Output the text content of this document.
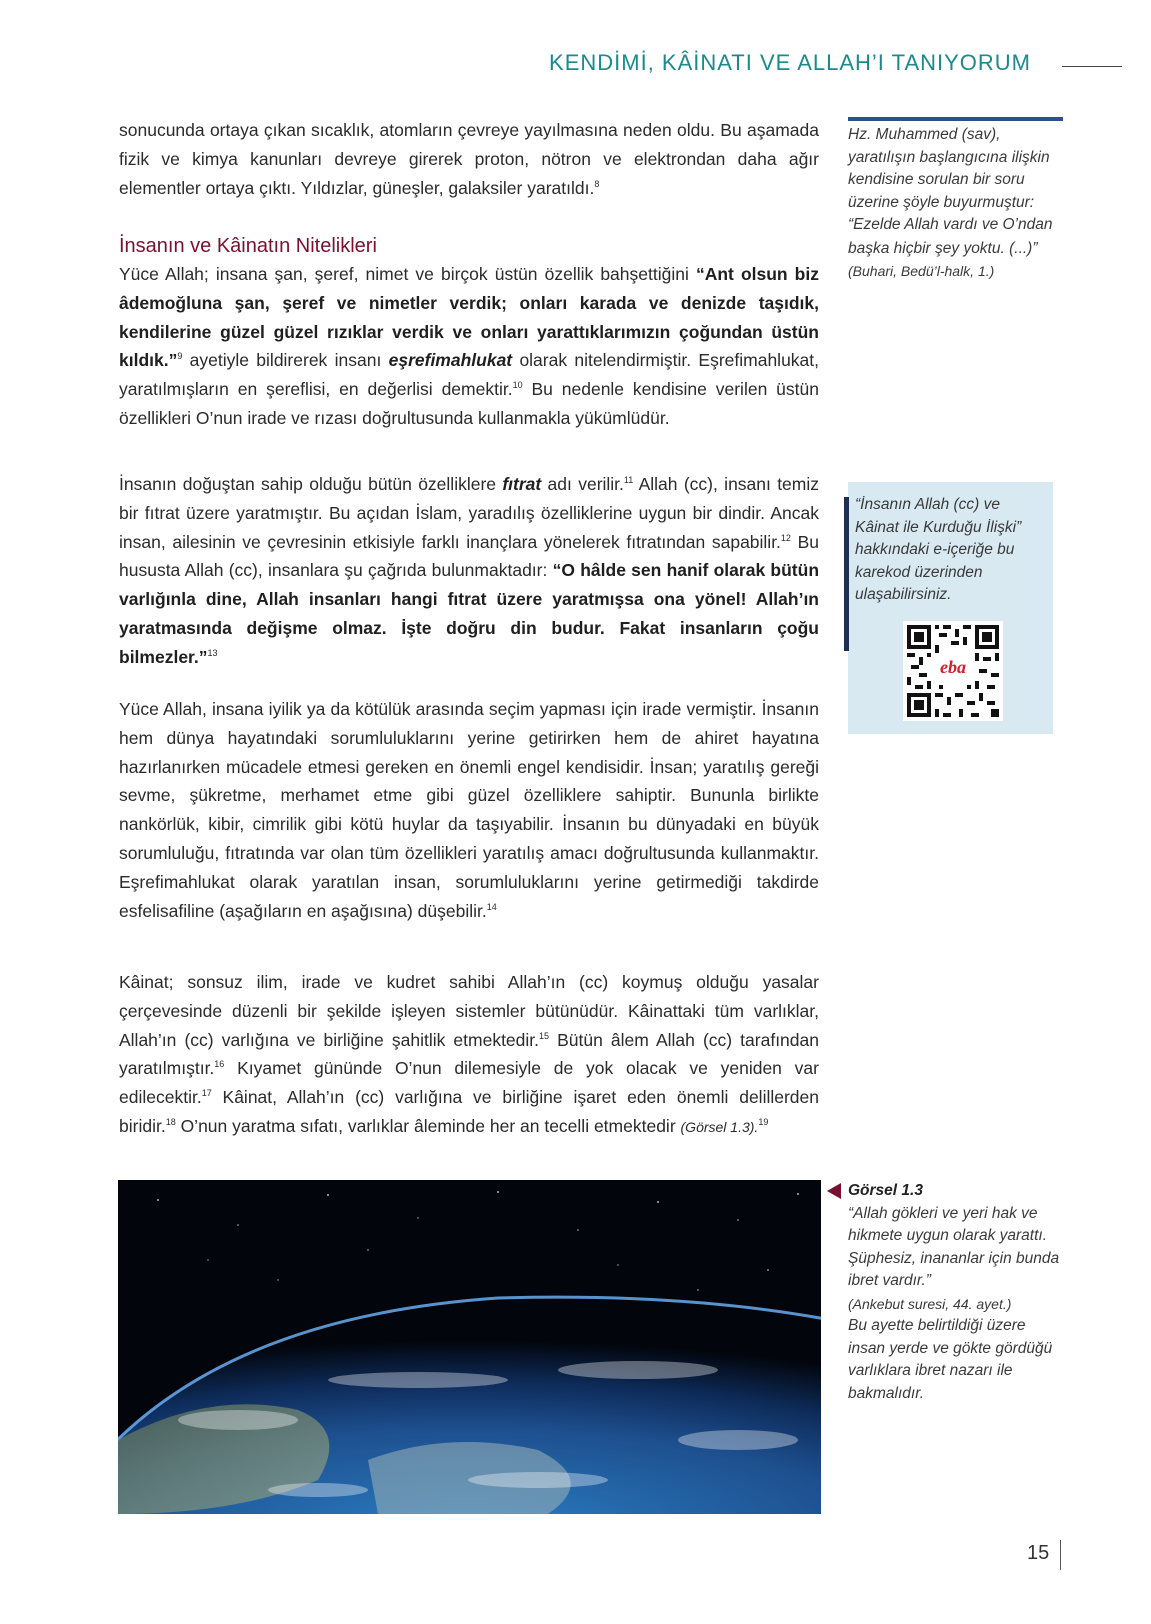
KENDİMİ, KÂİNATI VE ALLAH’I TANIYORUM

sonucunda ortaya çıkan sıcaklık, atomların çevreye yayılmasına neden oldu. Bu aşamada fizik ve kimya kanunları devreye girerek proton, nötron ve elektrondan daha ağır elementler ortaya çıktı. Yıldızlar, güneşler, galaksiler yaratıldı.$^8$

İnsanın ve Kâinatın Nitelikleri

Yüce Allah; insana şan, şeref, nimet ve birçok üstün özellik bahşettiğini “Ant olsun biz âdemoğluna şan, şeref ve nimetler verdik; onları karada ve denizde taşıdık, kendilerine güzel güzel rızıklar verdik ve onları yarattıklarımızın çoğundan üstün kıldık.”$^9$ ayetiyle bildirerek insanı eşrefimahlukat olarak nitelendirmiştir. Eşrefimahlukat, yaratılmışların en şereflisi, en değerlisi demektir.$^{10}$ Bu nedenle kendisine verilen üstün özellikleri O’nun irade ve rızası doğrultusunda kullanmakla yükümlüdür.

İnsanın doğuştan sahip olduğu bütün özelliklere fıtrat adı verilir.$^{11}$ Allah (cc), insanı temiz bir fıtrat üzere yaratmıştır. Bu açıdan İslam, yaradılış özelliklerine uygun bir dindir. Ancak insan, ailesinin ve çevresinin etkisiyle farklı inançlara yönelerek fıtratından sapabilir.$^{12}$ Bu hususta Allah (cc), insanlara şu çağrıda bulunmaktadır: “O hâlde sen hanif olarak bütün varlığınla dine, Allah insanları hangi fıtrat üzere yaratmışsa ona yönel! Allah’ın yaratmasında değişme olmaz. İşte doğru din budur. Fakat insanların çoğu bilmezler.”$^{13}$

Yüce Allah, insana iyilik ya da kötülük arasında seçim yapması için irade vermiştir. İnsanın hem dünya hayatındaki sorumluluklarını yerine getirirken hem de ahiret hayatına hazırlanırken mücadele etmesi gereken en önemli engel kendisidir. İnsan; yaratılış gereği sevme, şükretme, merhamet etme gibi güzel özelliklere sahiptir. Bununla birlikte nankörlük, kibir, cimrilik gibi kötü huylar da taşıyabilir. İnsanın bu dünyadaki en büyük sorumluluğu, fıtratında var olan tüm özellikleri yaratılış amacı doğrultusunda kullanmaktır. Eşrefimahlukat olarak yaratılan insan, sorumluluklarını yerine getirmediği takdirde esfelisafiline (aşağıların en aşağısına) düşebilir.$^{14}$

Kâinat; sonsuz ilim, irade ve kudret sahibi Allah’ın (cc) koymuş olduğu yasalar çerçevesinde düzenli bir şekilde işleyen sistemler bütünüdür. Kâinattaki tüm varlıklar, Allah’ın (cc) varlığına ve birliğine şahitlik etmektedir.$^{15}$ Bütün âlem Allah (cc) tarafından yaratılmıştır.$^{16}$ Kıyamet gününde O’nun dilemesiyle de yok olacak ve yeniden var edilecektir.$^{17}$ Kâinat, Allah’ın (cc) varlığına ve birliğine işaret eden önemli delillerden biridir.$^{18}$ O’nun yaratma sıfatı, varlıklar âleminde her an tecelli etmektedir (Görsel 1.3).$^{19}$

Hz. Muhammed (sav), yaratılışın başlangıcına ilişkin kendisine sorulan bir soru üzerine şöyle buyurmuştur: “Ezelde Allah vardı ve O’ndan başka hiçbir şey yoktu. (...)” (Buhari, Bedü’l-halk, 1.)
“İnsanın Allah (cc) ve Kâinat ile Kurduğu İlişki” hakkındaki e-içeriğe bu karekod üzerinden ulaşabilirsiniz.
eba
Görsel 1.3
“Allah gökleri ve yeri hak ve hikmete uygun olarak yarattı. Şüphesiz, inananlar için bunda ibret vardır.”
(Ankebut suresi, 44. ayet.)
Bu ayette belirtildiği üzere insan yerde ve gökte gördüğü varlıklara ibret nazarı ile bakmalıdır.
15
